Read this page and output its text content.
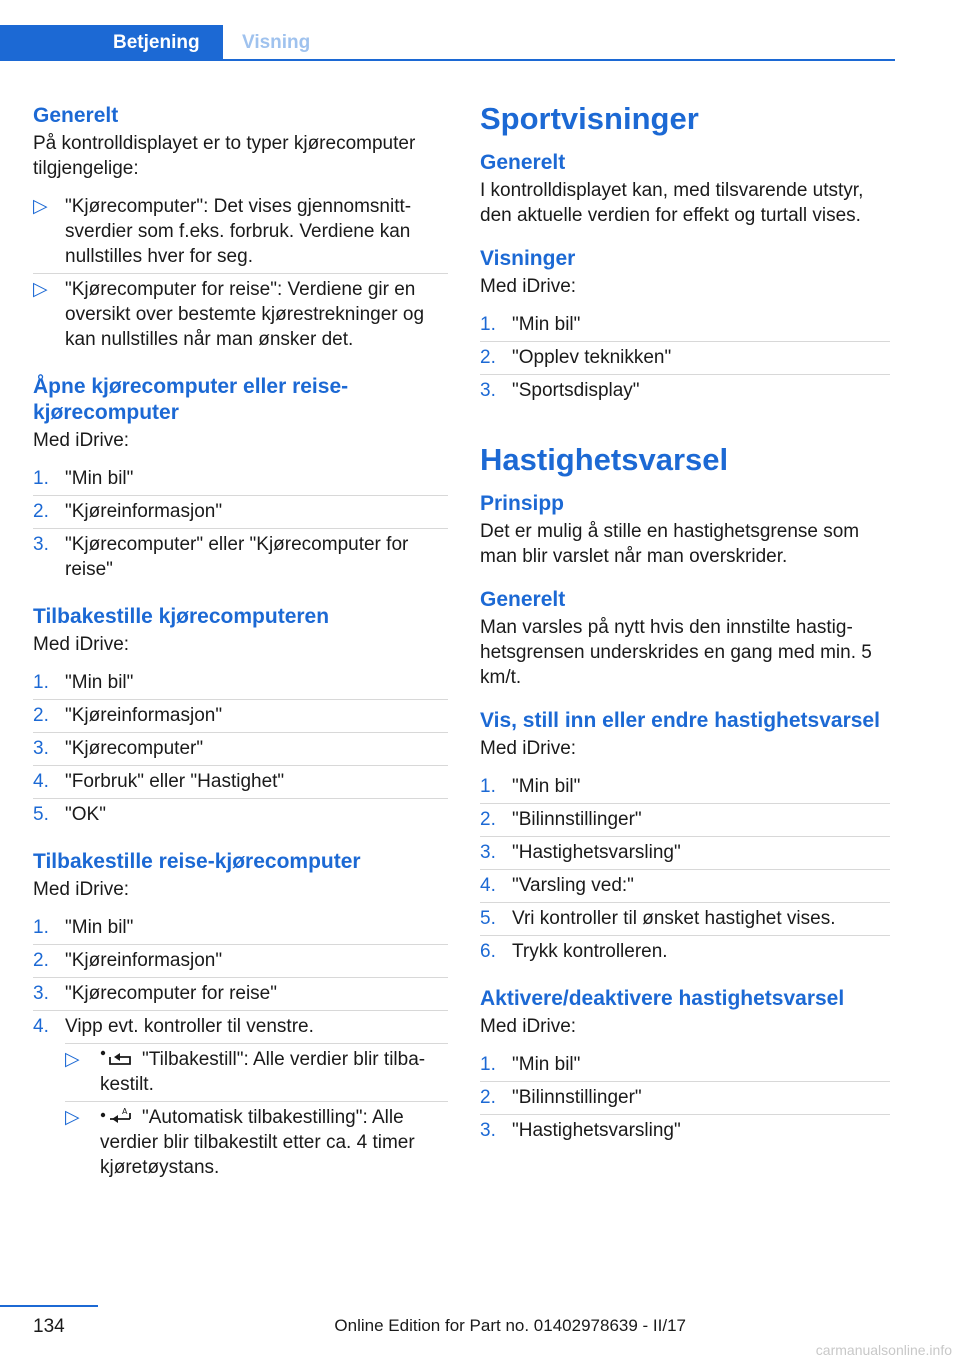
Betjening	Visning
Generelt

På kontrolldisplayet er to typer kjørecomputer tilgjengelige:

▷ "Kjørecomputer": Det vises gjennomsnitt-sverdier som f.eks. forbruk. Verdiene kan nullstilles hver for seg.
▷ "Kjørecomputer for reise": Verdiene gir en oversikt over bestemte kjørestrekninger og kan nullstilles når man ønsker det.
Åpne kjørecomputer eller reise-kjørecomputer

Med iDrive:

1. "Min bil"
2. "Kjøreinformasjon"
3. "Kjørecomputer" eller "Kjørecomputer for reise"
Tilbakestille kjørecomputeren

Med iDrive:

1. "Min bil"
2. "Kjøreinformasjon"
3. "Kjørecomputer"
4. "Forbruk" eller "Hastighet"
5. "OK"
Tilbakestille reise-kjørecomputer

Med iDrive:

1. "Min bil"
2. "Kjøreinformasjon"
3. "Kjørecomputer for reise"
4. Vipp evt. kontroller til venstre.
▷	"Tilbakestill": Alle verdier blir tilba-kestilt.
▷	A "Automatisk tilbakestilling": Alle verdier blir tilbakestilt etter ca. 4 timer kjøretøystans.
Sportvisninger
Generelt

I kontrolldisplayet kan, med tilsvarende utstyr, den aktuelle verdien for effekt og turtall vises.

Visninger

Med iDrive:

1. "Min bil"
2. "Opplev teknikken"
3. "Sportsdisplay"
Hastighetsvarsel
Prinsipp

Det er mulig å stille en hastighetsgrense som man blir varslet når man overskrider.

Generelt

Man varsles på nytt hvis den innstilte hastig-hetsgrensen underskrides en gang med min. 5 km/t.

Vis, still inn eller endre hastighetsvarsel

Med iDrive:

1. "Min bil"
2. "Bilinnstillinger"
3. "Hastighetsvarsling"
4. "Varsling ved:"
5. Vri kontroller til ønsket hastighet vises.
6. Trykk kontrolleren.
Aktivere/deaktivere hastighetsvarsel

Med iDrive:

1. "Min bil"
2. "Bilinnstillinger"
3. "Hastighetsvarsling"
134	Online Edition for Part no. 01402978639 - II/17
carmanualsonline.info
